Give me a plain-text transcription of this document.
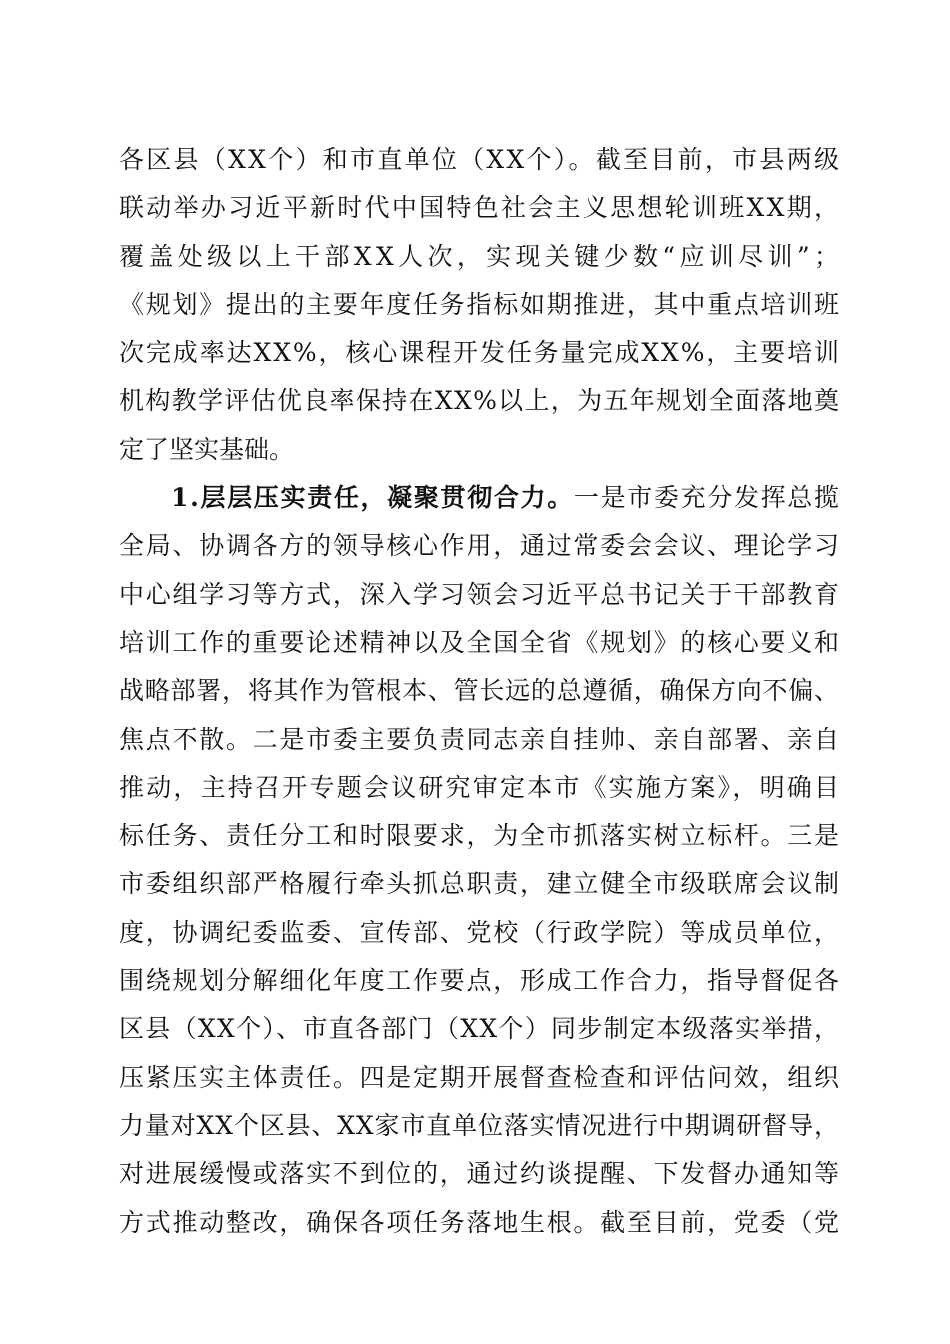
各区县（XX个）和市直单位（XX个）。截至目前，市县两级
联动举办习近平新时代中国特色社会主义思想轮训班XX期，
覆盖处级以上干部XX人次，实现关键少数“应训尽训”；
《规划》提出的主要年度任务指标如期推进，其中重点培训班
次完成率达XX%，核心课程开发任务量完成XX%，主要培训
机构教学评估优良率保持在XX%以上，为五年规划全面落地奠
定了坚实基础。
1.层层压实责任，凝聚贯彻合力。一是市委充分发挥总揽
全局、协调各方的领导核心作用，通过常委会会议、理论学习
中心组学习等方式，深入学习领会习近平总书记关于干部教育
培训工作的重要论述精神以及全国全省《规划》的核心要义和
战略部署，将其作为管根本、管长远的总遵循，确保方向不偏、
焦点不散。二是市委主要负责同志亲自挂帅、亲自部署、亲自
推动，主持召开专题会议研究审定本市《实施方案》，明确目
标任务、责任分工和时限要求，为全市抓落实树立标杆。三是
市委组织部严格履行牵头抓总职责，建立健全市级联席会议制
度，协调纪委监委、宣传部、党校（行政学院）等成员单位，
围绕规划分解细化年度工作要点，形成工作合力，指导督促各
区县（XX个）、市直各部门（XX个）同步制定本级落实举措，
压紧压实主体责任。四是定期开展督查检查和评估问效，组织
力量对XX个区县、XX家市直单位落实情况进行中期调研督导，
对进展缓慢或落实不到位的，通过约谈提醒、下发督办通知等
方式推动整改，确保各项任务落地生根。截至目前，党委（党
